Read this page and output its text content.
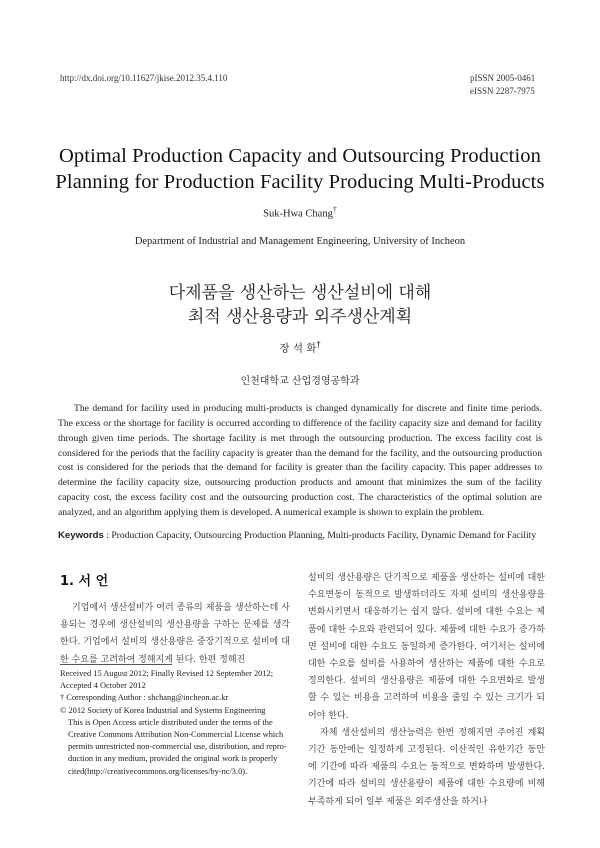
http://dx.doi.org/10.11627/jkise.2012.35.4.110	pISSN 2005-0461
eISSN 2287-7975
Optimal Production Capacity and Outsourcing Production
Planning for Production Facility Producing Multi-Products
Suk-Hwa Chang†
Department of Industrial and Management Engineering, University of Incheon
다제품을 생산하는 생산설비에 대해
최적 생산용량과 외주생산계획
장 석 화†
인천대학교 산업경영공학과
The demand for facility used in producing multi-products is changed dynamically for discrete and finite time periods. The excess or the shortage for facility is occurred according to difference of the facility capacity size and demand for facility through given time periods. The shortage facility is met through the outsourcing production. The excess facility cost is considered for the periods that the facility capacity is greater than the demand for the facility, and the outsourcing production cost is considered for the periods that the demand for facility is greater than the facility capacity. This paper addresses to determine the facility capacity size, outsourcing production products and amount that minimizes the sum of the facility capacity cost, the excess facility cost and the outsourcing production cost. The characteristics of the optimal solution are analyzed, and an algorithm applying them is developed. A numerical example is shown to explain the problem.
Keywords : Production Capacity, Outsourcing Production Planning, Multi-products Facility, Dynamic Demand for Facility
1. 서 언
기업에서 생산설비가 여러 종류의 제품을 생산하는데 사용되는 경우에 생산설비의 생산용량을 구하는 문제를 생각한다. 기업에서 설비의 생산용량은 중장기적으로 설비에 대한 수요를 고려하여 정해지게 된다. 한편 정해진
Received 15 August 2012; Finally Revised 12 September 2012;
Accepted 4 October 2012
† Corresponding Author : shchang@incheon.ac.kr
© 2012 Society of Korea Industrial and Systems Engineering
This is Open Access article distributed under the terms of the
Creative Commons Attribution Non-Commercial License which
permits unrestricted non-commercial use, distribution, and repro-
duction in any medium, provided the original work is properly
cited(http://creativecommons.org/licenses/by-nc/3.0).

설비의 생산용량은 단기적으로 제품을 생산하는 설비에 대한 수요변동이 동적으로 발생하더라도 자체 설비의 생산용량을 변화시키면서 대응하기는 쉽지 않다. 설비에 대한 수요는 제품에 대한 수요와 관련되어 있다. 제품에 대한 수요가 증가하면 설비에 대한 수요도 동일하게 증가한다. 여기서는 설비에 대한 수요를 설비를 사용하여 생산하는 제품에 대한 수요로 정의한다. 설비의 생산용량은 제품에 대한 수요변화로 발생할 수 있는 비용을 고려하여 비용을 줄일 수 있는 크기가 되어야 한다.

자체 생산설비의 생산능력은 한번 정해지면 주어진 계획기간 동안에는 일정하게 고정된다. 이산적인 유한기간 동안에 기간에 따라 제품의 수요는 동적으로 변화하며 발생한다. 기간에 따라 설비의 생산용량이 제품에 대한 수요량에 비해 부족하게 되어 일부 제품은 외주생산을 하거나
